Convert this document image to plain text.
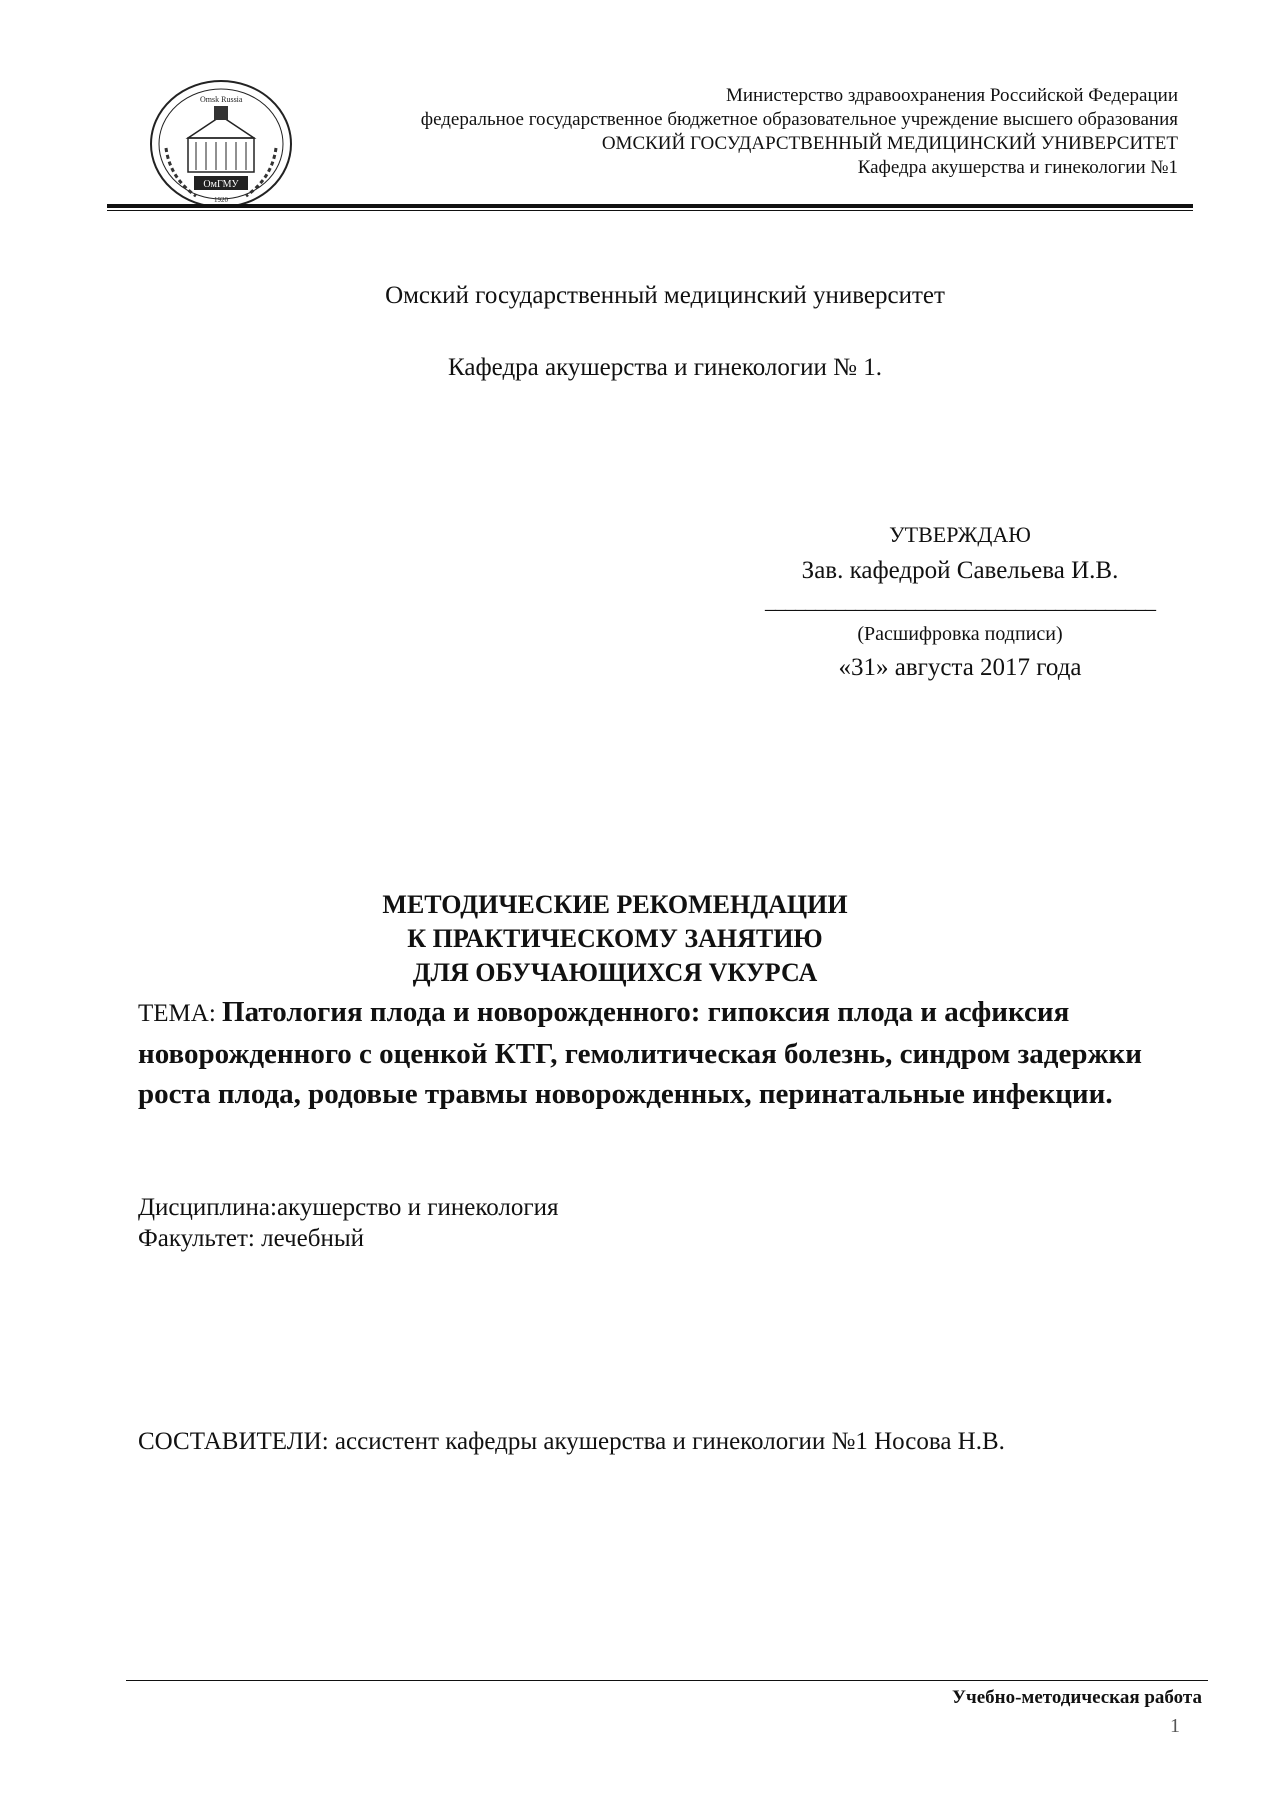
Omsk Russia
ОмГМУ
1920
Министерство здравоохранения Российской Федерации
федеральное государственное бюджетное образовательное учреждение высшего образования
ОМСКИЙ ГОСУДАРСТВЕННЫЙ МЕДИЦИНСКИЙ УНИВЕРСИТЕТ
Кафедра акушерства и гинекологии №1
Омский государственный медицинский университет
Кафедра акушерства и гинекологии № 1.
УТВЕРЖДАЮ
Зав. кафедрой Савельева И.В.
_______________________________________
(Расшифровка подписи)
«31» августа 2017 года
МЕТОДИЧЕСКИЕ РЕКОМЕНДАЦИИ
К ПРАКТИЧЕСКОМУ ЗАНЯТИЮ
ДЛЯ ОБУЧАЮЩИХСЯ VКУРСА
ТЕМА: Патология плода и новорожденного: гипоксия плода и асфиксия новорожденного с оценкой КТГ, гемолитическая болезнь, синдром задержки роста плода, родовые травмы новорожденных, перинатальные инфекции.
Дисциплина:акушерство и гинекология
Факультет: лечебный
СОСТАВИТЕЛИ: ассистент кафедры акушерства и гинекологии №1 Носова Н.В.
Учебно-методическая работа
1
